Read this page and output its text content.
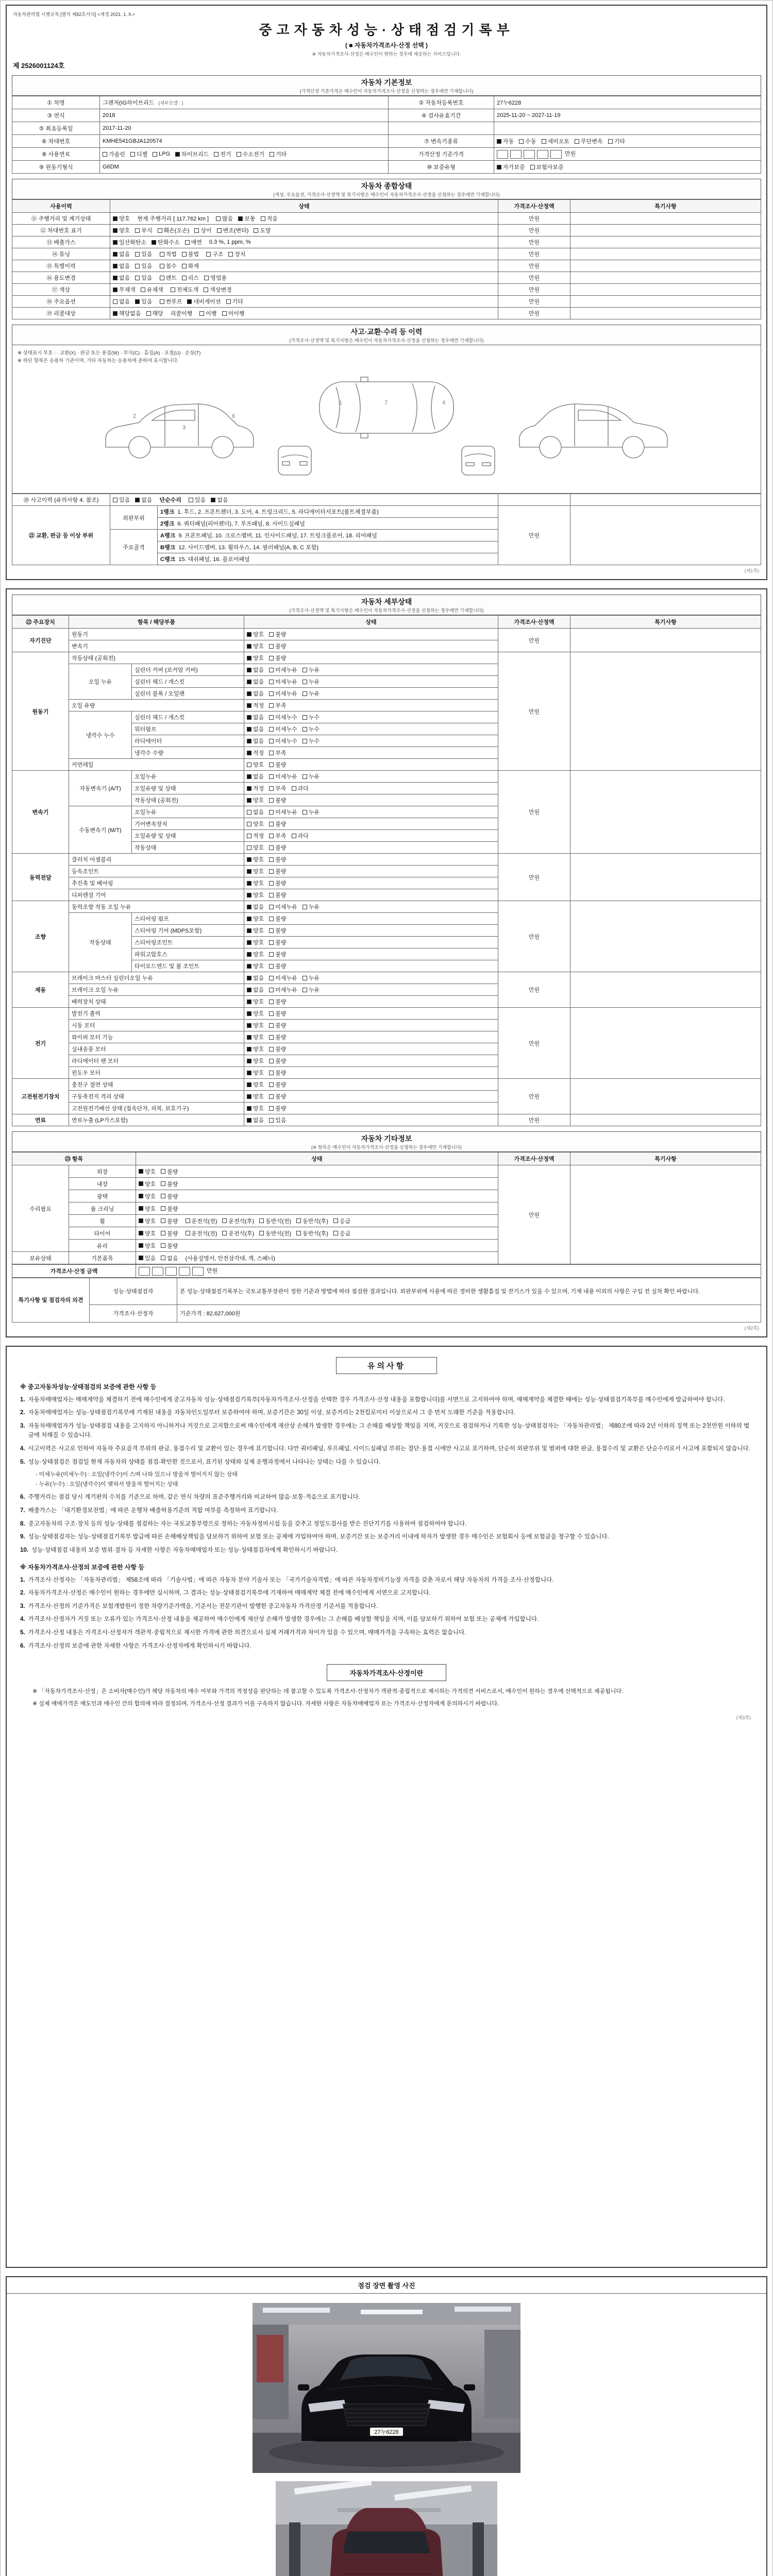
자동차관리법 시행규칙 [별지 제82호서식] <개정 2021. 1. 9.>
중고자동차성능·상태점검기록부
( ■ 자동차가격조사·산정 선택 )
※ 자동차가격조사·산정은 매수인이 원하는 경우에 제공하는 서비스입니다.
제 2526001124호
자동차 기본정보
(가격산정 기준가격은 매수인이 자동차가격조사·산정을 신청하는 경우에만 기재합니다)
① 차명	그랜저(IG하이브리드 (세부모델 : )	② 자동차등록번호	27누6228
③ 연식	2018	④ 검사유효기간	2025-11-20 ~ 2027-11-19
⑤ 최초등록일	2017-11-20		
⑥ 차대번호	KMHE541GBJA120574	⑦ 변속기종류	자동 수동 세미오토 무단변속 기타

⑧ 사용연료	가솔린 디젤 LPG 하이브리드 전기 수소전기 기타	가격산정 기준가격	만원
⑨ 원동기형식	G6DM	⑩ 보증유형	자가보증 보험사보증
자동차 종합상태
(색상, 주요옵션, 가격조사·산정액 및 특기사항은 매수인이 자동차가격조사·산정을 신청하는 경우에만 기재합니다)
사용이력	상태	가격조사·산정액	특기사항
⑪ 주행거리 및 계기상태	양호 현재 주행거리 [ 117,762 km ] 많음 보통 적음	만원	
⑫ 차대번호 표기	양호 부식 훼손(오손) 상이 변조(변타) 도말	만원	
⑬ 배출가스	일산화탄소 탄화수소 매연 0.3 %, 1 ppm, %	만원	
⑭ 튜닝	없음 있음 적법 불법 구조 장치	만원	
⑮ 특별이력	없음 있음 침수 화재	만원	
⑯ 용도변경	없음 있음 렌트 리스 영업용	만원	
⑰ 색상	무채색 유채색 전체도색 색상변경	만원	
⑱ 주요옵션	없음 있음 썬루프 네비게이션 기타	만원	
⑲ 리콜대상	해당없음 해당 리콜이행 이행 미이행	만원	
사고·교환·수리 등 이력
(가격조사·산정액 및 특기사항은 매수인이 자동차가격조사·산정을 신청하는 경우에만 기재합니다)
※ 상태표시 부호 : · 교환(X) · 판금 또는 용접(W) · 부식(C) · 흠집(A) · 요철(U) · 손상(T)
※ 하단 항목은 승용차 기준이며, 기타 자동차는 승용차에 준하여 표시합니다.
1	7	4
2
3
6
⑳ 사고이력 (유의사항 4. 참조)	있음 없음 단순수리 있음 없음			

㉑ 교환, 판금 등 이상 부위	외판부위	1랭크 1. 후드, 2. 프론트펜더, 3. 도어, 4. 트렁크리드, 5. 라디에이터서포트(볼트체결부품)	만원	
		2랭크 6. 쿼터패널(리어펜더), 7. 루프패널, 8. 사이드실패널		
	주요골격	A랭크 9. 프론트패널, 10. 크로스멤버, 11. 인사이드패널, 17. 트렁크플로어, 18. 리어패널		
		B랭크 12. 사이드멤버, 13. 휠하우스, 14. 필러패널(A, B, C 포함)		
		C랭크 15. 대쉬패널, 16. 플로어패널		
(제1쪽)
자동차 세부상태
(가격조사·산정액 및 특기사항은 매수인이 자동차가격조사·산정을 신청하는 경우에만 기재합니다)
㉒ 주요장치	항목 / 해당부품		상태	가격조사·산정액	특기사항
자기진단	원동기		양호 불량	만원	
	변속기		양호 불량		

원동기	작동상태 (공회전)		양호 불량	만원	
	오일 누유	실린더 커버 (로커암 커버)	없음 미세누유 누유		

		실린더 헤드 / 개스킷	없음 미세누유 누유		

		실린더 블록 / 오일팬	없음 미세누유 누유		

	오일 유량		적정 부족		

	냉각수 누수	실린더 헤드 / 개스킷	없음 미세누수 누수		

		워터펌프	없음 미세누수 누수		

		라디에이터	없음 미세누수 누수		

		냉각수 수량	적정 부족		

	커먼레일		양호 불량		

변속기	자동변속기 (A/T)	오일누유	없음 미세누유 누유	만원	
		오일유량 및 상태	적정 부족 과다		

		작동상태 (공회전)	양호 불량		

	수동변속기 (M/T)	오일누유	없음 미세누유 누유		

		기어변속장치	양호 불량		

		오일유량 및 상태	적정 부족 과다		

		작동상태	양호 불량		

동력전달	클러치 어셈블리		양호 불량	만원	
	등속조인트		양호 불량		

	추진축 및 베어링		양호 불량		

	디퍼렌셜 기어		양호 불량		

조향	동력조향 작동 오일 누유		없음 미세누유 누유	만원	
	작동상태	스티어링 펌프	양호 불량		

		스티어링 기어 (MDPS포함)	양호 불량		

		스티어링조인트	양호 불량		

		파워고압호스	양호 불량		

		타이로드엔드 및 볼 조인트	양호 불량		

제동	브레이크 마스터 실린더오일 누유		없음 미세누유 누유	만원	
	브레이크 오일 누유		없음 미세누유 누유		

	배력장치 상태		양호 불량		

전기	발전기 출력		양호 불량	만원	
	시동 모터		양호 불량		

	와이퍼 모터 기능		양호 불량		

	실내송풍 모터		양호 불량		

	라디에이터 팬 모터		양호 불량		

	윈도우 모터		양호 불량		

고전원전기장치	충전구 절연 상태		양호 불량	만원	
	구동축전지 격리 상태		양호 불량		

	고전원전기배선 상태 (접속단자, 피복, 보호기구)		양호 불량		

연료	연료누출 (LP가스포함)		없음 있음	만원	
자동차 기타정보
(※ 항목은 매수인이 자동차가격조사·산정을 신청하는 경우에만 기재합니다)
㉓ 항목		상태	가격조사·산정액	특기사항
수리필요	외장	양호 불량	만원	
	내장	양호 불량		

	광택	양호 불량		

	룸 크리닝	양호 불량		

휠	양호 불량 운전석(전) 운전석(후) 동반석(전) 동반석(후) 응급

타이어	양호 불량 운전석(전) 운전석(후) 동반석(전) 동반석(후) 응급

	유리	양호 불량		

보유상태	기본품목	있음 없음 (사용설명서, 안전삼각대, 잭, 스패너)		
가격조사·산정 금액	만원
특기사항 및 점검자의 의견	성능·상태점검자	본 성능·상태점검기록부는 국토교통부장관이 정한 기준과 방법에 따라 점검한 결과입니다. 외판부위에 사용에 따른 경미한 생활흠집 및 잔기스가 있을 수 있으며, 기재 내용 이외의 사항은 구입 전 실차 확인 바랍니다.
	가격조사·산정자	기준가격 : 82,627,000원
(제2쪽)
유의사항
※ 중고자동차성능·상태점검의 보증에 관한 사항 등
1. 자동차매매업자는 매매계약을 체결하기 전에 매수인에게 중고자동차 성능·상태점검기록부(자동차가격조사·산정을 선택한 경우 가격조사·산정 내용을 포함합니다)를 서면으로 고지하여야 하며, 매매계약을 체결한 때에는 성능·상태점검기록부를 매수인에게 발급하여야 합니다.
2. 자동차매매업자는 성능·상태점검기록부에 기재된 내용을 자동차인도일부터 보증하여야 하며, 보증기간은 30일 이상, 보증거리는 2천킬로미터 이상으로서 그 중 먼저 도래한 기준을 적용합니다.
3. 자동차매매업자가 성능·상태점검 내용을 고지하지 아니하거나 거짓으로 고지함으로써 매수인에게 재산상 손해가 발생한 경우에는 그 손해를 배상할 책임을 지며, 거짓으로 점검하거나 기록한 성능·상태점검자는 「자동차관리법」 제80조에 따라 2년 이하의 징역 또는 2천만원 이하의 벌금에 처해질 수 있습니다.
4. 사고이력은 사고로 인하여 자동차 주요골격 부위의 판금, 용접수리 및 교환이 있는 경우에 표기합니다. 다만 쿼터패널, 루프패널, 사이드실패널 부위는 절단·용접 시에만 사고로 표기하며, 단순히 외판부위 및 범퍼에 대한 판금, 용접수리 및 교환은 단순수리로서 사고에 포함되지 않습니다.
5. 성능·상태점검은 점검일 현재 자동차의 상태를 점검·확인한 것으로서, 표기된 상태와 실제 운행과정에서 나타나는 상태는 다를 수 있습니다.
- 미세누유(미세누수) : 오일(냉각수)이 스며 나와 있으나 방울져 떨어지지 않는 상태
- 누유(누수) : 오일(냉각수)이 맺혀서 방울져 떨어지는 상태
6. 주행거리는 점검 당시 계기판의 수치를 기준으로 하며, 같은 연식 차량의 표준주행거리와 비교하여 많음·보통·적음으로 표기합니다.
7. 배출가스는 「대기환경보전법」에 따른 운행차 배출허용기준의 적합 여부를 측정하여 표기합니다.
8. 중고자동차의 구조·장치 등의 성능·상태를 점검하는 자는 국토교통부령으로 정하는 자동차정비시설 등을 갖추고 정밀도검사를 받은 진단기기를 사용하여 점검하여야 합니다.
9. 성능·상태점검자는 성능·상태점검기록부 발급에 따른 손해배상책임을 담보하기 위하여 보험 또는 공제에 가입하여야 하며, 보증기간 또는 보증거리 이내에 하자가 발생한 경우 매수인은 보험회사 등에 보험금을 청구할 수 있습니다.
10. 성능·상태점검 내용의 보증 범위·절차 등 자세한 사항은 자동차매매업자 또는 성능·상태점검자에게 확인하시기 바랍니다.
※ 자동차가격조사·산정의 보증에 관한 사항 등
1. 가격조사·산정자는 「자동차관리법」 제58조에 따라 「기술사법」에 따른 자동차 분야 기술사 또는 「국가기술자격법」에 따른 자동차정비기능장 자격을 갖춘 자로서 해당 자동차의 가격을 조사·산정합니다.
2. 자동차가격조사·산정은 매수인이 원하는 경우에만 실시하며, 그 결과는 성능·상태점검기록부에 기재하여 매매계약 체결 전에 매수인에게 서면으로 고지합니다.
3. 가격조사·산정의 기준가격은 보험개발원이 정한 차량기준가액을, 기준서는 전문기관이 발행한 중고자동차 가격산정 기준서를 적용합니다.
4. 가격조사·산정자가 거짓 또는 오류가 있는 가격조사·산정 내용을 제공하여 매수인에게 재산상 손해가 발생한 경우에는 그 손해를 배상할 책임을 지며, 이를 담보하기 위하여 보험 또는 공제에 가입합니다.
5. 가격조사·산정 내용은 가격조사·산정자가 객관적·중립적으로 제시한 가격에 관한 의견으로서 실제 거래가격과 차이가 있을 수 있으며, 매매가격을 구속하는 효력은 없습니다.
6. 가격조사·산정의 보증에 관한 자세한 사항은 가격조사·산정자에게 확인하시기 바랍니다.
자동차가격조사·산정이란
※ 「자동차가격조사·산정」은 소비자(매수인)가 해당 자동차의 매수 여부와 가격의 적정성을 판단하는 데 참고할 수 있도록 가격조사·산정자가 객관적·중립적으로 제시하는 가격의견 서비스로서, 매수인이 원하는 경우에 선택적으로 제공됩니다.
※ 실제 매매가격은 매도인과 매수인 간의 합의에 따라 결정되며, 가격조사·산정 결과가 이를 구속하지 않습니다. 자세한 사항은 자동차매매업자 또는 가격조사·산정자에게 문의하시기 바랍니다.
(제3쪽)
점검 장면 촬영 사진
27누6228
